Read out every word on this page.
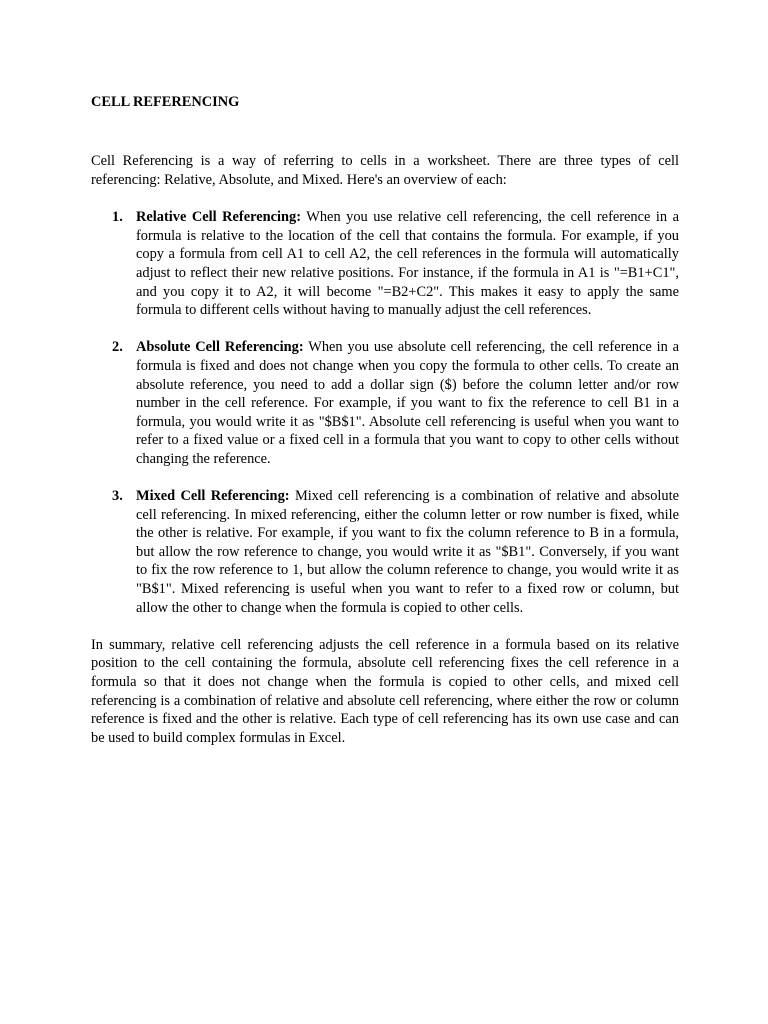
CELL REFERENCING

Cell Referencing is a way of referring to cells in a worksheet. There are three types of cell referencing: Relative, Absolute, and Mixed. Here's an overview of each:

1. Relative Cell Referencing: When you use relative cell referencing, the cell reference in a formula is relative to the location of the cell that contains the formula. For example, if you copy a formula from cell A1 to cell A2, the cell references in the formula will automatically adjust to reflect their new relative positions. For instance, if the formula in A1 is "=B1+C1", and you copy it to A2, it will become "=B2+C2". This makes it easy to apply the same formula to different cells without having to manually adjust the cell references.
2. Absolute Cell Referencing: When you use absolute cell referencing, the cell reference in a formula is fixed and does not change when you copy the formula to other cells. To create an absolute reference, you need to add a dollar sign ($) before the column letter and/or row number in the cell reference. For example, if you want to fix the reference to cell B1 in a formula, you would write it as "$B$1". Absolute cell referencing is useful when you want to refer to a fixed value or a fixed cell in a formula that you want to copy to other cells without changing the reference.
3. Mixed Cell Referencing: Mixed cell referencing is a combination of relative and absolute cell referencing. In mixed referencing, either the column letter or row number is fixed, while the other is relative. For example, if you want to fix the column reference to B in a formula, but allow the row reference to change, you would write it as "$B1". Conversely, if you want to fix the row reference to 1, but allow the column reference to change, you would write it as "B$1". Mixed referencing is useful when you want to refer to a fixed row or column, but allow the other to change when the formula is copied to other cells.

In summary, relative cell referencing adjusts the cell reference in a formula based on its relative position to the cell containing the formula, absolute cell referencing fixes the cell reference in a formula so that it does not change when the formula is copied to other cells, and mixed cell referencing is a combination of relative and absolute cell referencing, where either the row or column reference is fixed and the other is relative. Each type of cell referencing has its own use case and can be used to build complex formulas in Excel.
